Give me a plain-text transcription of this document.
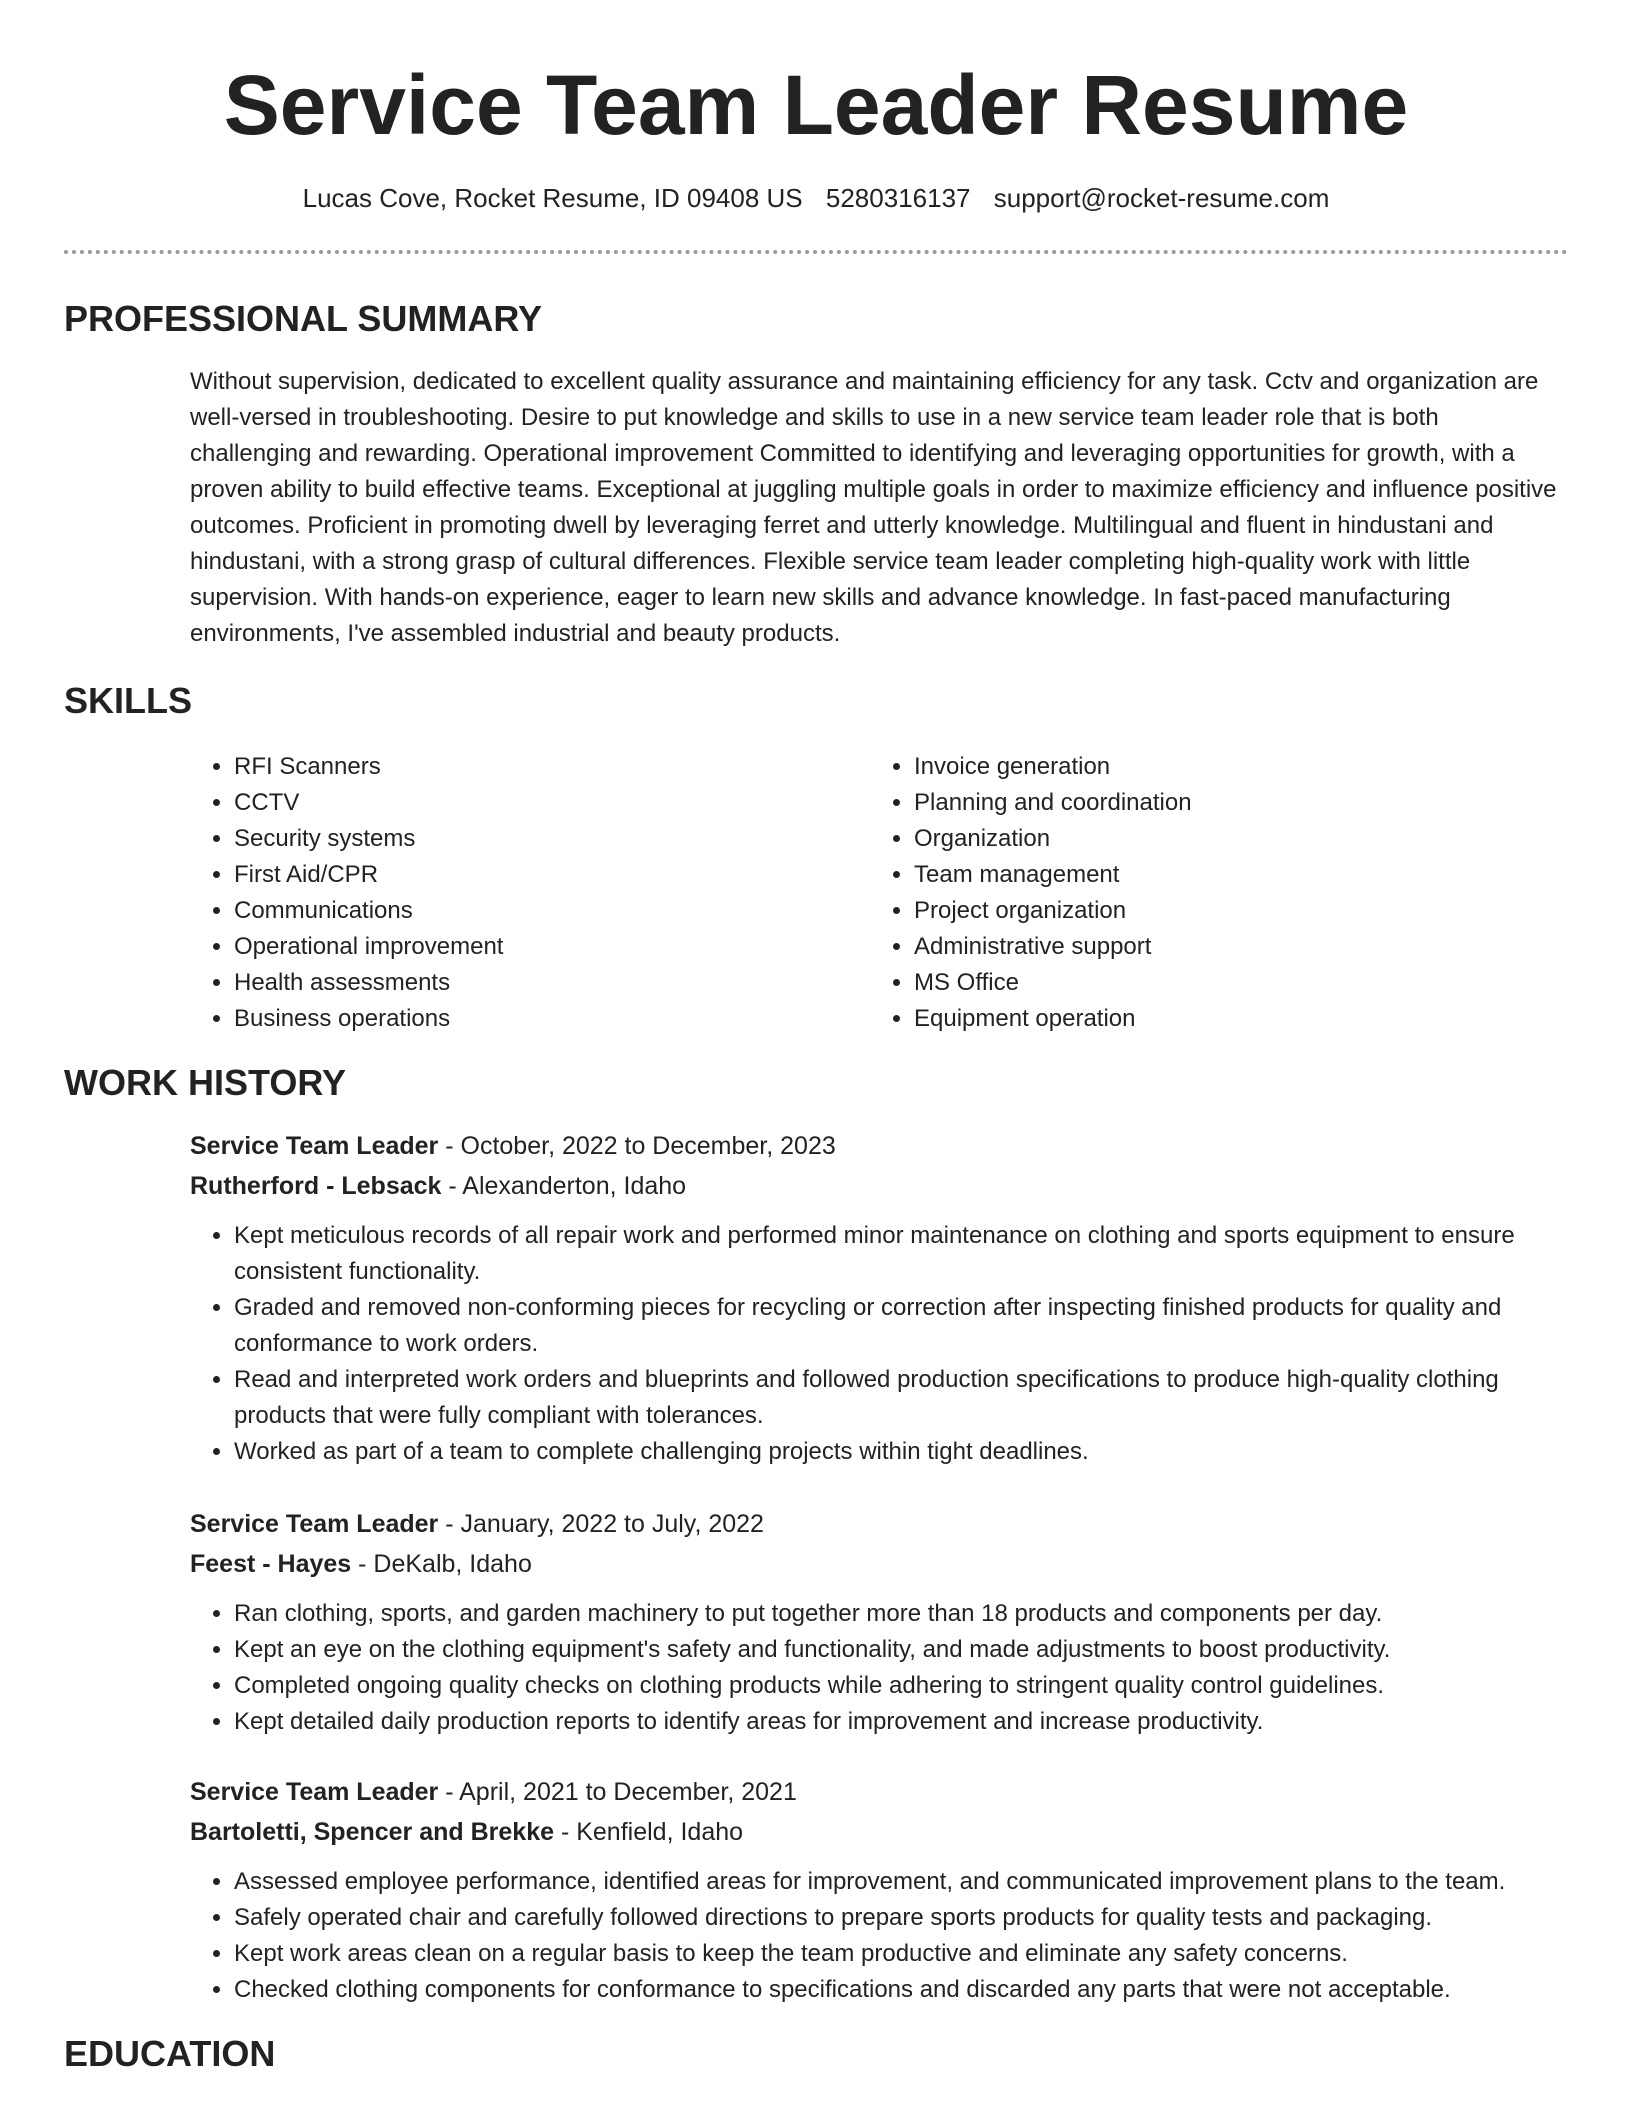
Service Team Leader Resume
Lucas Cove, Rocket Resume, ID 09408 US 5280316137 support@rocket-resume.com
PROFESSIONAL SUMMARY

Without supervision, dedicated to excellent quality assurance and maintaining efficiency for any task. Cctv and organization are well-versed in troubleshooting. Desire to put knowledge and skills to use in a new service team leader role that is both challenging and rewarding. Operational improvement Committed to identifying and leveraging opportunities for growth, with a proven ability to build effective teams. Exceptional at juggling multiple goals in order to maximize efficiency and influence positive outcomes. Proficient in promoting dwell by leveraging ferret and utterly knowledge. Multilingual and fluent in hindustani and hindustani, with a strong grasp of cultural differences. Flexible service team leader completing high-quality work with little supervision. With hands-on experience, eager to learn new skills and advance knowledge. In fast-paced manufacturing environments, I've assembled industrial and beauty products.

SKILLS
• RFI Scanners
• CCTV
• Security systems
• First Aid/CPR
• Communications
• Operational improvement
• Health assessments
• Business operations
• Invoice generation
• Planning and coordination
• Organization
• Team management
• Project organization
• Administrative support
• MS Office
• Equipment operation
WORK HISTORY

Service Team Leader - October, 2022 to December, 2023

Rutherford - Lebsack - Alexanderton, Idaho

• Kept meticulous records of all repair work and performed minor maintenance on clothing and sports equipment to ensure consistent functionality.
• Graded and removed non-conforming pieces for recycling or correction after inspecting finished products for quality and conformance to work orders.
• Read and interpreted work orders and blueprints and followed production specifications to produce high-quality clothing products that were fully compliant with tolerances.
• Worked as part of a team to complete challenging projects within tight deadlines.

Service Team Leader - January, 2022 to July, 2022

Feest - Hayes - DeKalb, Idaho

• Ran clothing, sports, and garden machinery to put together more than 18 products and components per day.
• Kept an eye on the clothing equipment's safety and functionality, and made adjustments to boost productivity.
• Completed ongoing quality checks on clothing products while adhering to stringent quality control guidelines.
• Kept detailed daily production reports to identify areas for improvement and increase productivity.

Service Team Leader - April, 2021 to December, 2021

Bartoletti, Spencer and Brekke - Kenfield, Idaho

• Assessed employee performance, identified areas for improvement, and communicated improvement plans to the team.
• Safely operated chair and carefully followed directions to prepare sports products for quality tests and packaging.
• Kept work areas clean on a regular basis to keep the team productive and eliminate any safety concerns.
• Checked clothing components for conformance to specifications and discarded any parts that were not acceptable.
EDUCATION
